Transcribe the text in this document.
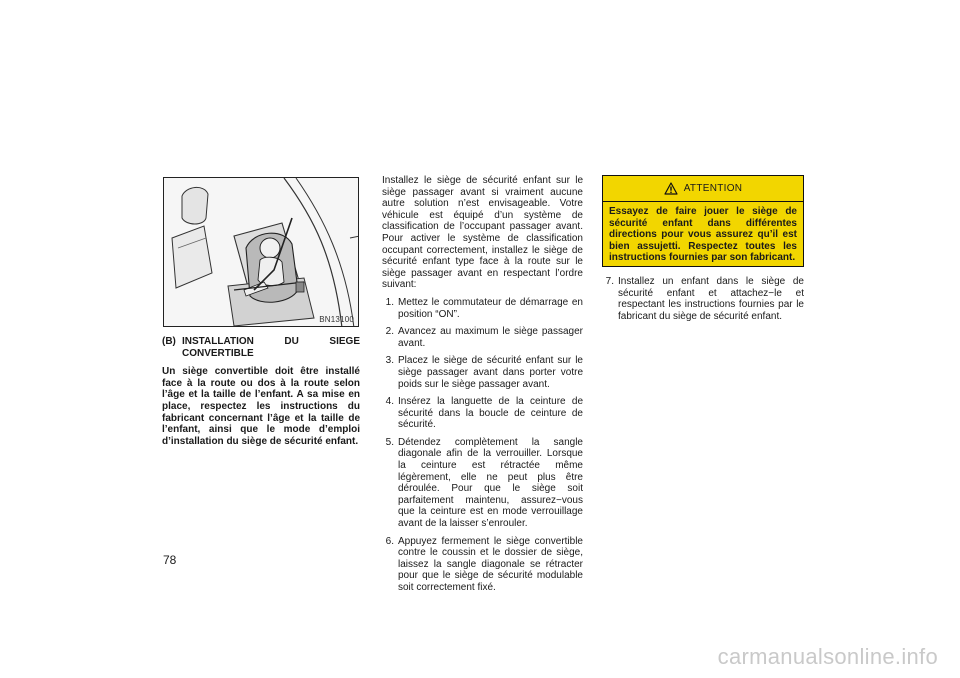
BN13100
(B) INSTALLATION DU SIEGE CONVERTIBLE
Un siège convertible doit être installé face à la route ou dos à la route selon l’âge et la taille de l’enfant. A sa mise en place, respectez les instructions du fabricant concernant l’âge et la taille de l’enfant, ainsi que le mode d’emploi d’installation du siège de sécurité enfant.
Installez le siège de sécurité enfant sur le siège passager avant si vraiment aucune autre solution n’est envisageable. Votre véhicule est équipé d’un système de classification de l’occupant passager avant. Pour activer le système de classification occupant correctement, installez le siège de sécurité enfant type face à la route sur le siège passager avant en respectant l’ordre suivant:
1. Mettez le commutateur de démarrage en position “ON”.
2. Avancez au maximum le siège passager avant.
3. Placez le siège de sécurité enfant sur le siège passager avant dans porter votre poids sur le siège passager avant.
4. Insérez la languette de la ceinture de sécurité dans la boucle de ceinture de sécurité.
5. Détendez complètement la sangle diagonale afin de la verrouiller. Lorsque la ceinture est rétractée même légèrement, elle ne peut plus être déroulée. Pour que le siège soit parfaitement maintenu, assurez−vous que la ceinture est en mode verrouillage avant de la laisser s’enrouler.
6. Appuyez fermement le siège convertible contre le coussin et le dossier de siège, laissez la sangle diagonale se rétracter pour que le siège de sécurité modulable soit correctement fixé.
ATTENTION
Essayez de faire jouer le siège de sécurité enfant dans différentes directions pour vous assurez qu’il est bien assujetti. Respectez toutes les instructions fournies par son fabricant.
7. Installez un enfant dans le siège de sécurité enfant et attachez−le et respectant les instructions fournies par le fabricant du siège de sécurité enfant.
78
carmanualsonline.info
